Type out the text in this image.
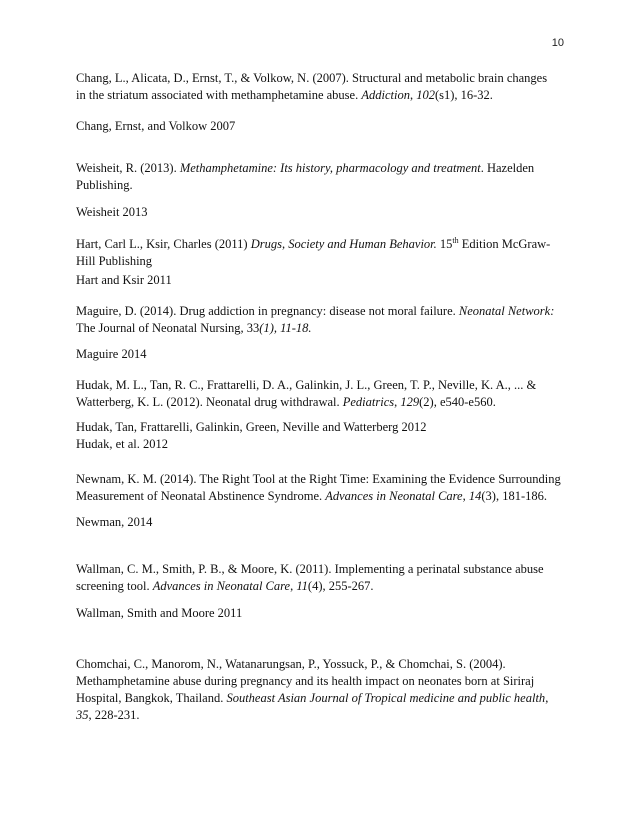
10
Chang, L., Alicata, D., Ernst, T., & Volkow, N. (2007). Structural and metabolic brain changes
in the striatum associated with methamphetamine abuse. Addiction, 102(s1), 16-32.
Chang, Ernst, and Volkow 2007
Weisheit, R. (2013). Methamphetamine: Its history, pharmacology and treatment. Hazelden
Publishing.
Weisheit 2013
Hart, Carl L., Ksir, Charles (2011) Drugs, Society and Human Behavior. 15th Edition McGraw-
Hill Publishing
Hart and Ksir 2011
Maguire, D. (2014). Drug addiction in pregnancy: disease not moral failure. Neonatal Network:
The Journal of Neonatal Nursing, 33(1), 11-18.
Maguire 2014
Hudak, M. L., Tan, R. C., Frattarelli, D. A., Galinkin, J. L., Green, T. P., Neville, K. A., ... &
Watterberg, K. L. (2012). Neonatal drug withdrawal. Pediatrics, 129(2), e540-e560.
Hudak, Tan, Frattarelli, Galinkin, Green, Neville and Watterberg 2012
Hudak, et al. 2012
Newnam, K. M. (2014). The Right Tool at the Right Time: Examining the Evidence Surrounding
Measurement of Neonatal Abstinence Syndrome. Advances in Neonatal Care, 14(3), 181-186.
Newman, 2014
Wallman, C. M., Smith, P. B., & Moore, K. (2011). Implementing a perinatal substance abuse
screening tool. Advances in Neonatal Care, 11(4), 255-267.
Wallman, Smith and Moore 2011
Chomchai, C., Manorom, N., Watanarungsan, P., Yossuck, P., & Chomchai, S. (2004).
Methamphetamine abuse during pregnancy and its health impact on neonates born at Siriraj
Hospital, Bangkok, Thailand. Southeast Asian Journal of Tropical medicine and public health,
35, 228-231.
